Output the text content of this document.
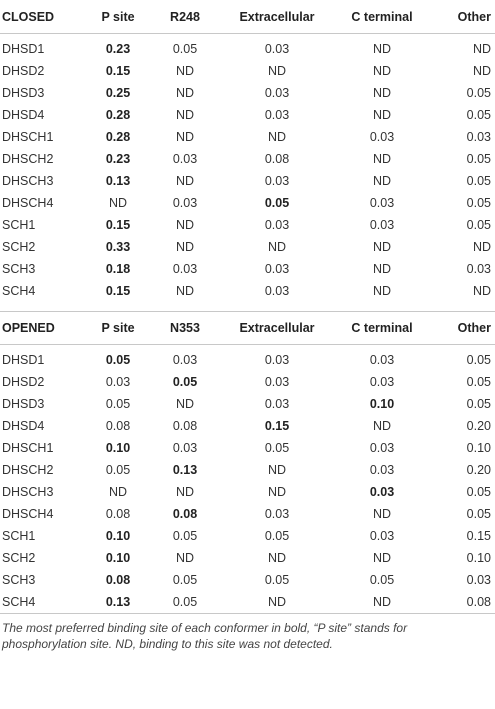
CLOSED	P site	R248	Extracellular	C terminal	Other

DHSD1	0.23	0.05	0.03	ND	ND
DHSD2	0.15	ND	ND	ND	ND
DHSD3	0.25	ND	0.03	ND	0.05
DHSD4	0.28	ND	0.03	ND	0.05
DHSCH1	0.28	ND	ND	0.03	0.03
DHSCH2	0.23	0.03	0.08	ND	0.05
DHSCH3	0.13	ND	0.03	ND	0.05
DHSCH4	ND	0.03	0.05	0.03	0.05
SCH1	0.15	ND	0.03	0.03	0.05
SCH2	0.33	ND	ND	ND	ND
SCH3	0.18	0.03	0.03	ND	0.03
SCH4	0.15	ND	0.03	ND	ND

OPENED	P site	N353	Extracellular	C terminal	Other

DHSD1	0.05	0.03	0.03	0.03	0.05
DHSD2	0.03	0.05	0.03	0.03	0.05
DHSD3	0.05	ND	0.03	0.10	0.05
DHSD4	0.08	0.08	0.15	ND	0.20
DHSCH1	0.10	0.03	0.05	0.03	0.10
DHSCH2	0.05	0.13	ND	0.03	0.20
DHSCH3	ND	ND	ND	0.03	0.05
DHSCH4	0.08	0.08	0.03	ND	0.05
SCH1	0.10	0.05	0.05	0.03	0.15
SCH2	0.10	ND	ND	ND	0.10
SCH3	0.08	0.05	0.05	0.05	0.03
SCH4	0.13	0.05	ND	ND	0.08
The most preferred binding site of each conformer in bold, “P site” stands for phosphorylation site. ND, binding to this site was not detected.
